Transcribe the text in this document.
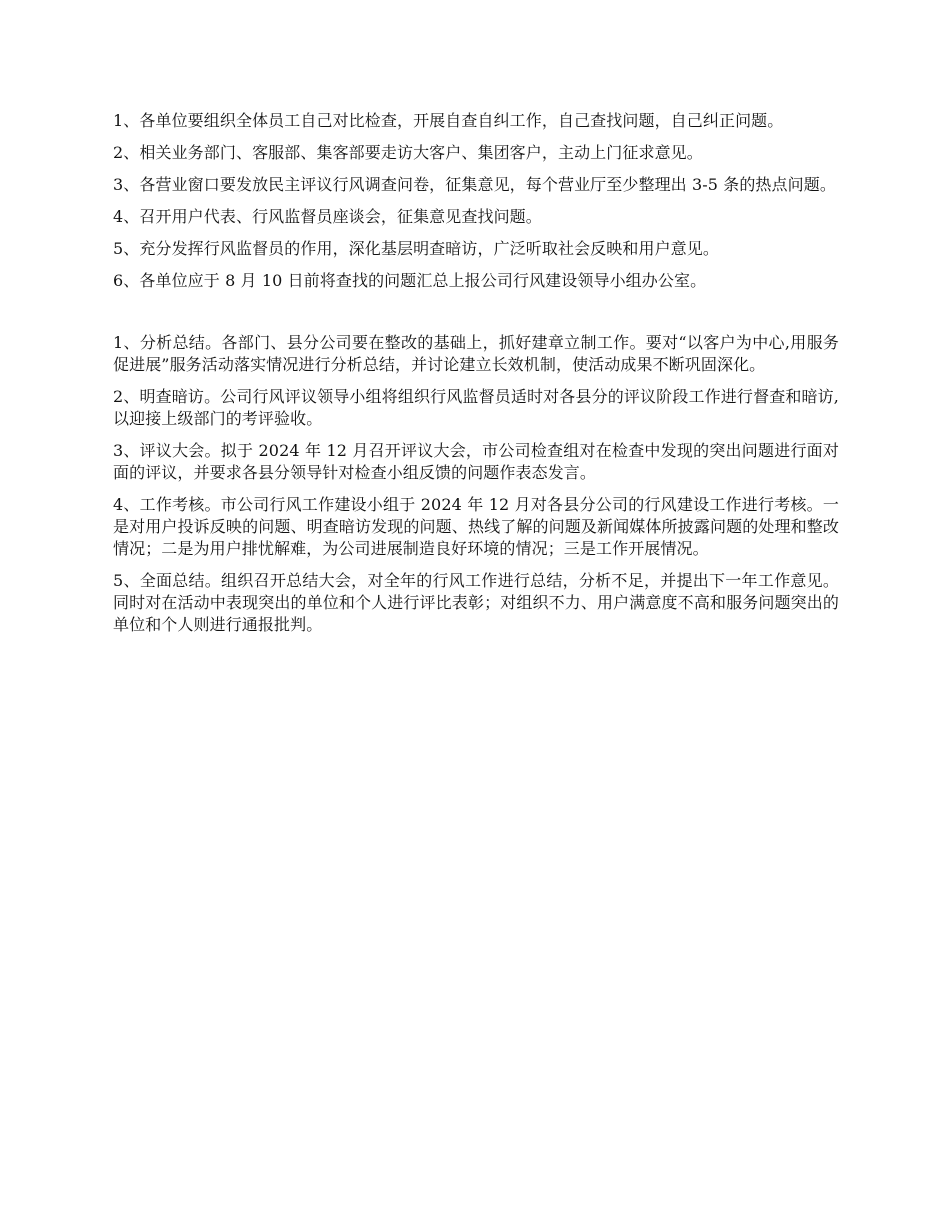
1、各单位要组织全体员工自己对比检查，开展自查自纠工作，自己查找问题，自己纠正问题。

2、相关业务部门、客服部、集客部要走访大客户、集团客户，主动上门征求意见。

3、各营业窗口要发放民主评议行风调查问卷，征集意见，每个营业厅至少整理出 3-5 条的热点问题。

4、召开用户代表、行风监督员座谈会，征集意见查找问题。

5、充分发挥行风监督员的作用，深化基层明查暗访，广泛听取社会反映和用户意见。

6、各单位应于 8 月 10 日前将查找的问题汇总上报公司行风建设领导小组办公室。

1、分析总结。各部门、县分公司要在整改的基础上，抓好建章立制工作。要对“以客户为中心,用服务促进展”服务活动落实情况进行分析总结，并讨论建立长效机制，使活动成果不断巩固深化。

2、明查暗访。公司行风评议领导小组将组织行风监督员适时对各县分的评议阶段工作进行督查和暗访,以迎接上级部门的考评验收。

3、评议大会。拟于 2024 年 12 月召开评议大会，市公司检查组对在检查中发现的突出问题进行面对面的评议，并要求各县分领导针对检查小组反馈的问题作表态发言。

4、工作考核。市公司行风工作建设小组于 2024 年 12 月对各县分公司的行风建设工作进行考核。一是对用户投诉反映的问题、明查暗访发现的问题、热线了解的问题及新闻媒体所披露问题的处理和整改情况；二是为用户排忧解难，为公司进展制造良好环境的情况；三是工作开展情况。

5、全面总结。组织召开总结大会，对全年的行风工作进行总结，分析不足，并提出下一年工作意见。同时对在活动中表现突出的单位和个人进行评比表彰；对组织不力、用户满意度不高和服务问题突出的单位和个人则进行通报批判。
